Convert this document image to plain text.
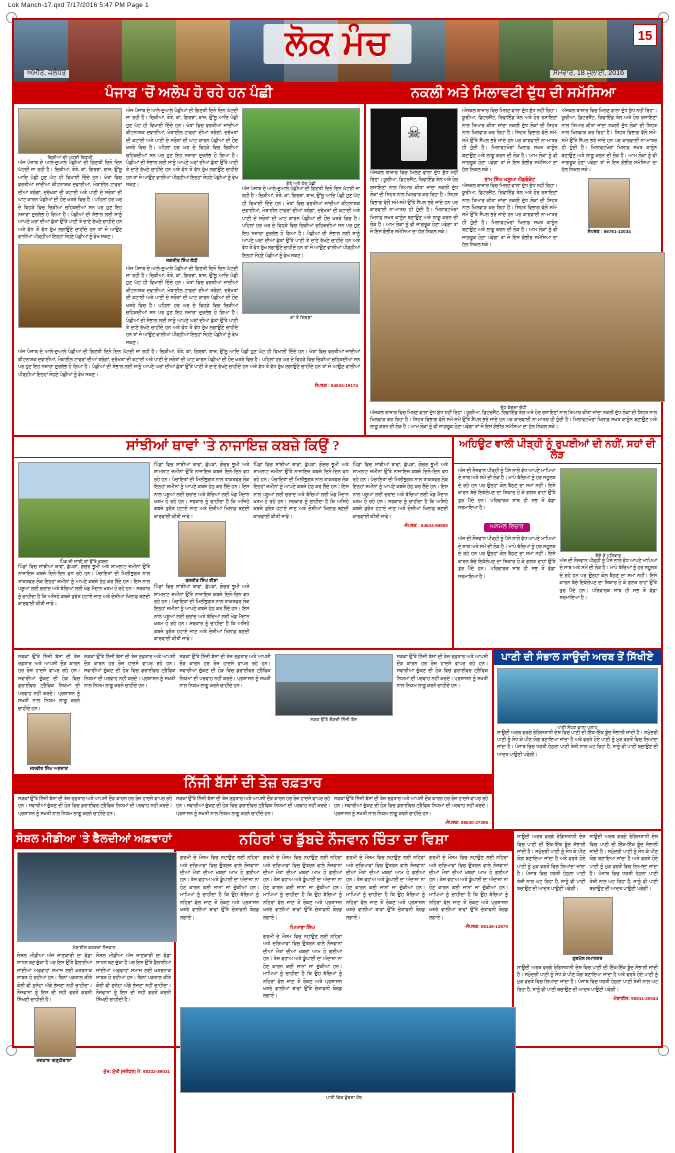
Lok Manch-17.qxd 7/17/2016 5:47 PM Page 1
ਲੋਕ ਮੰਚ
ਅਮੀਰ, ਜਲੰਧਰ	ਸੋਮਵਾਰ, 18 ਜੁਲਾਈ, 2016
15
ਪੰਜਾਬ 'ਚੋਂ ਅਲੋਪ ਹੋ ਰਹੇ ਹਨ ਪੰਛੀ
ਚਿੜੀਆਂ ਦੀ ਘਟਦੀ ਗਿਣਤੀ
ਅੱਜ ਪੰਜਾਬ ਦੇ ਆਲੇ-ਦੁਆਲੇ ਪੰਛੀਆਂ ਦੀ ਗਿਣਤੀ ਦਿਨੋ ਦਿਨ ਘੱਟਦੀ ਜਾ ਰਹੀ ਹੈ। ਚਿੜੀਆਂ, ਤੋਤੇ, ਕਾਂ, ਗਿਰਝਾਂ, ਬਾਜ਼, ਉੱਲੂ ਆਦਿ ਪੰਛੀ ਹੁਣ ਘੱਟ ਹੀ ਵਿਖਾਈ ਦਿੰਦੇ ਹਨ। ਖੇਤਾਂ ਵਿਚ ਵਰਤੀਆਂ ਜਾਂਦੀਆਂ ਕੀਟਨਾਸ਼ਕ ਦਵਾਈਆਂ, ਮੋਬਾਈਲ ਟਾਵਰਾਂ ਦੀਆਂ ਤਰੰਗਾਂ, ਦਰੱਖਤਾਂ ਦੀ ਕਟਾਈ ਅਤੇ ਪਾਣੀ ਦੇ ਸਰੋਤਾਂ ਦੀ ਘਾਟ ਕਾਰਨ ਪੰਛੀਆਂ ਦੀ ਹੋਂਦ ਖ਼ਤਰੇ ਵਿਚ ਹੈ। ਪਹਿਲਾਂ ਹਰ ਘਰ ਦੇ ਵਿਹੜੇ ਵਿਚ ਚਿੜੀਆਂ ਚਹਿਕਦੀਆਂ ਸਨ ਪਰ ਹੁਣ ਇਹ ਨਜ਼ਾਰਾ ਦੁਰਲੱਭ ਹੋ ਗਿਆ ਹੈ। ਪੰਛੀਆਂ ਦੀ ਸੰਭਾਲ ਲਈ ਸਾਨੂੰ ਆਪਣੇ ਘਰਾਂ ਦੀਆਂ ਛੱਤਾਂ ਉੱਤੇ ਪਾਣੀ ਤੇ ਦਾਣੇ ਰੱਖਣੇ ਚਾਹੀਦੇ ਹਨ ਅਤੇ ਵੱਧ ਤੋਂ ਵੱਧ ਰੁੱਖ ਲਗਾਉਣੇ ਚਾਹੀਦੇ ਹਨ ਤਾਂ ਜੋ ਆਉਣ ਵਾਲੀਆਂ ਪੀੜ੍ਹੀਆਂ ਇਨ੍ਹਾਂ ਸੋਹਣੇ ਪੰਛੀਆਂ ਨੂੰ ਵੇਖ ਸਕਣ।
ਅੱਜ ਪੰਜਾਬ ਦੇ ਆਲੇ-ਦੁਆਲੇ ਪੰਛੀਆਂ ਦੀ ਗਿਣਤੀ ਦਿਨੋ ਦਿਨ ਘੱਟਦੀ ਜਾ ਰਹੀ ਹੈ। ਚਿੜੀਆਂ, ਤੋਤੇ, ਕਾਂ, ਗਿਰਝਾਂ, ਬਾਜ਼, ਉੱਲੂ ਆਦਿ ਪੰਛੀ ਹੁਣ ਘੱਟ ਹੀ ਵਿਖਾਈ ਦਿੰਦੇ ਹਨ। ਖੇਤਾਂ ਵਿਚ ਵਰਤੀਆਂ ਜਾਂਦੀਆਂ ਕੀਟਨਾਸ਼ਕ ਦਵਾਈਆਂ, ਮੋਬਾਈਲ ਟਾਵਰਾਂ ਦੀਆਂ ਤਰੰਗਾਂ, ਦਰੱਖਤਾਂ ਦੀ ਕਟਾਈ ਅਤੇ ਪਾਣੀ ਦੇ ਸਰੋਤਾਂ ਦੀ ਘਾਟ ਕਾਰਨ ਪੰਛੀਆਂ ਦੀ ਹੋਂਦ ਖ਼ਤਰੇ ਵਿਚ ਹੈ। ਪਹਿਲਾਂ ਹਰ ਘਰ ਦੇ ਵਿਹੜੇ ਵਿਚ ਚਿੜੀਆਂ ਚਹਿਕਦੀਆਂ ਸਨ ਪਰ ਹੁਣ ਇਹ ਨਜ਼ਾਰਾ ਦੁਰਲੱਭ ਹੋ ਗਿਆ ਹੈ। ਪੰਛੀਆਂ ਦੀ ਸੰਭਾਲ ਲਈ ਸਾਨੂੰ ਆਪਣੇ ਘਰਾਂ ਦੀਆਂ ਛੱਤਾਂ ਉੱਤੇ ਪਾਣੀ ਤੇ ਦਾਣੇ ਰੱਖਣੇ ਚਾਹੀਦੇ ਹਨ ਅਤੇ ਵੱਧ ਤੋਂ ਵੱਧ ਰੁੱਖ ਲਗਾਉਣੇ ਚਾਹੀਦੇ ਹਨ ਤਾਂ ਜੋ ਆਉਣ ਵਾਲੀਆਂ ਪੀੜ੍ਹੀਆਂ ਇਨ੍ਹਾਂ ਸੋਹਣੇ ਪੰਛੀਆਂ ਨੂੰ ਵੇਖ ਸਕਣ।
ਜਗਜੀਤ ਸਿੰਘ ਲੱਧੀ
ਅੱਜ ਪੰਜਾਬ ਦੇ ਆਲੇ-ਦੁਆਲੇ ਪੰਛੀਆਂ ਦੀ ਗਿਣਤੀ ਦਿਨੋ ਦਿਨ ਘੱਟਦੀ ਜਾ ਰਹੀ ਹੈ। ਚਿੜੀਆਂ, ਤੋਤੇ, ਕਾਂ, ਗਿਰਝਾਂ, ਬਾਜ਼, ਉੱਲੂ ਆਦਿ ਪੰਛੀ ਹੁਣ ਘੱਟ ਹੀ ਵਿਖਾਈ ਦਿੰਦੇ ਹਨ। ਖੇਤਾਂ ਵਿਚ ਵਰਤੀਆਂ ਜਾਂਦੀਆਂ ਕੀਟਨਾਸ਼ਕ ਦਵਾਈਆਂ, ਮੋਬਾਈਲ ਟਾਵਰਾਂ ਦੀਆਂ ਤਰੰਗਾਂ, ਦਰੱਖਤਾਂ ਦੀ ਕਟਾਈ ਅਤੇ ਪਾਣੀ ਦੇ ਸਰੋਤਾਂ ਦੀ ਘਾਟ ਕਾਰਨ ਪੰਛੀਆਂ ਦੀ ਹੋਂਦ ਖ਼ਤਰੇ ਵਿਚ ਹੈ। ਪਹਿਲਾਂ ਹਰ ਘਰ ਦੇ ਵਿਹੜੇ ਵਿਚ ਚਿੜੀਆਂ ਚਹਿਕਦੀਆਂ ਸਨ ਪਰ ਹੁਣ ਇਹ ਨਜ਼ਾਰਾ ਦੁਰਲੱਭ ਹੋ ਗਿਆ ਹੈ। ਪੰਛੀਆਂ ਦੀ ਸੰਭਾਲ ਲਈ ਸਾਨੂੰ ਆਪਣੇ ਘਰਾਂ ਦੀਆਂ ਛੱਤਾਂ ਉੱਤੇ ਪਾਣੀ ਤੇ ਦਾਣੇ ਰੱਖਣੇ ਚਾਹੀਦੇ ਹਨ ਅਤੇ ਵੱਧ ਤੋਂ ਵੱਧ ਰੁੱਖ ਲਗਾਉਣੇ ਚਾਹੀਦੇ ਹਨ ਤਾਂ ਜੋ ਆਉਣ ਵਾਲੀਆਂ ਪੀੜ੍ਹੀਆਂ ਇਨ੍ਹਾਂ ਸੋਹਣੇ ਪੰਛੀਆਂ ਨੂੰ ਵੇਖ ਸਕਣ।
ਤੋਤੇ ਅਤੇ ਹੋਰ ਪੰਛੀ
ਅੱਜ ਪੰਜਾਬ ਦੇ ਆਲੇ-ਦੁਆਲੇ ਪੰਛੀਆਂ ਦੀ ਗਿਣਤੀ ਦਿਨੋ ਦਿਨ ਘੱਟਦੀ ਜਾ ਰਹੀ ਹੈ। ਚਿੜੀਆਂ, ਤੋਤੇ, ਕਾਂ, ਗਿਰਝਾਂ, ਬਾਜ਼, ਉੱਲੂ ਆਦਿ ਪੰਛੀ ਹੁਣ ਘੱਟ ਹੀ ਵਿਖਾਈ ਦਿੰਦੇ ਹਨ। ਖੇਤਾਂ ਵਿਚ ਵਰਤੀਆਂ ਜਾਂਦੀਆਂ ਕੀਟਨਾਸ਼ਕ ਦਵਾਈਆਂ, ਮੋਬਾਈਲ ਟਾਵਰਾਂ ਦੀਆਂ ਤਰੰਗਾਂ, ਦਰੱਖਤਾਂ ਦੀ ਕਟਾਈ ਅਤੇ ਪਾਣੀ ਦੇ ਸਰੋਤਾਂ ਦੀ ਘਾਟ ਕਾਰਨ ਪੰਛੀਆਂ ਦੀ ਹੋਂਦ ਖ਼ਤਰੇ ਵਿਚ ਹੈ। ਪਹਿਲਾਂ ਹਰ ਘਰ ਦੇ ਵਿਹੜੇ ਵਿਚ ਚਿੜੀਆਂ ਚਹਿਕਦੀਆਂ ਸਨ ਪਰ ਹੁਣ ਇਹ ਨਜ਼ਾਰਾ ਦੁਰਲੱਭ ਹੋ ਗਿਆ ਹੈ। ਪੰਛੀਆਂ ਦੀ ਸੰਭਾਲ ਲਈ ਸਾਨੂੰ ਆਪਣੇ ਘਰਾਂ ਦੀਆਂ ਛੱਤਾਂ ਉੱਤੇ ਪਾਣੀ ਤੇ ਦਾਣੇ ਰੱਖਣੇ ਚਾਹੀਦੇ ਹਨ ਅਤੇ ਵੱਧ ਤੋਂ ਵੱਧ ਰੁੱਖ ਲਗਾਉਣੇ ਚਾਹੀਦੇ ਹਨ ਤਾਂ ਜੋ ਆਉਣ ਵਾਲੀਆਂ ਪੀੜ੍ਹੀਆਂ ਇਨ੍ਹਾਂ ਸੋਹਣੇ ਪੰਛੀਆਂ ਨੂੰ ਵੇਖ ਸਕਣ।
ਕਾਂ ਤੇ ਗਿਰਝਾਂ
ਅੱਜ ਪੰਜਾਬ ਦੇ ਆਲੇ-ਦੁਆਲੇ ਪੰਛੀਆਂ ਦੀ ਗਿਣਤੀ ਦਿਨੋ ਦਿਨ ਘੱਟਦੀ ਜਾ ਰਹੀ ਹੈ। ਚਿੜੀਆਂ, ਤੋਤੇ, ਕਾਂ, ਗਿਰਝਾਂ, ਬਾਜ਼, ਉੱਲੂ ਆਦਿ ਪੰਛੀ ਹੁਣ ਘੱਟ ਹੀ ਵਿਖਾਈ ਦਿੰਦੇ ਹਨ। ਖੇਤਾਂ ਵਿਚ ਵਰਤੀਆਂ ਜਾਂਦੀਆਂ ਕੀਟਨਾਸ਼ਕ ਦਵਾਈਆਂ, ਮੋਬਾਈਲ ਟਾਵਰਾਂ ਦੀਆਂ ਤਰੰਗਾਂ, ਦਰੱਖਤਾਂ ਦੀ ਕਟਾਈ ਅਤੇ ਪਾਣੀ ਦੇ ਸਰੋਤਾਂ ਦੀ ਘਾਟ ਕਾਰਨ ਪੰਛੀਆਂ ਦੀ ਹੋਂਦ ਖ਼ਤਰੇ ਵਿਚ ਹੈ। ਪਹਿਲਾਂ ਹਰ ਘਰ ਦੇ ਵਿਹੜੇ ਵਿਚ ਚਿੜੀਆਂ ਚਹਿਕਦੀਆਂ ਸਨ ਪਰ ਹੁਣ ਇਹ ਨਜ਼ਾਰਾ ਦੁਰਲੱਭ ਹੋ ਗਿਆ ਹੈ। ਪੰਛੀਆਂ ਦੀ ਸੰਭਾਲ ਲਈ ਸਾਨੂੰ ਆਪਣੇ ਘਰਾਂ ਦੀਆਂ ਛੱਤਾਂ ਉੱਤੇ ਪਾਣੀ ਤੇ ਦਾਣੇ ਰੱਖਣੇ ਚਾਹੀਦੇ ਹਨ ਅਤੇ ਵੱਧ ਤੋਂ ਵੱਧ ਰੁੱਖ ਲਗਾਉਣੇ ਚਾਹੀਦੇ ਹਨ ਤਾਂ ਜੋ ਆਉਣ ਵਾਲੀਆਂ ਪੀੜ੍ਹੀਆਂ ਇਨ੍ਹਾਂ ਸੋਹਣੇ ਪੰਛੀਆਂ ਨੂੰ ਵੇਖ ਸਕਣ।
ਸੰਪਰਕ : 94634-19174
ਨਕਲੀ ਅਤੇ ਮਿਲਾਵਟੀ ਦੁੱਧ ਦੀ ਸਮੱਸਿਆ
☠
ਅੱਜਕਲ ਬਾਜ਼ਾਰ ਵਿਚ ਮਿਲਣ ਵਾਲਾ ਦੁੱਧ ਸ਼ੁੱਧ ਨਹੀਂ ਰਿਹਾ। ਯੂਰੀਆ, ਡਿਟਰਜੈਂਟ, ਰਿਫਾਇੰਡ ਤੇਲ ਅਤੇ ਹੋਰ ਰਸਾਇਣਾਂ ਨਾਲ ਤਿਆਰ ਕੀਤਾ ਜਾਂਦਾ ਨਕਲੀ ਦੁੱਧ ਲੋਕਾਂ ਦੀ ਸਿਹਤ ਨਾਲ ਖਿਲਵਾੜ ਕਰ ਰਿਹਾ ਹੈ। ਸਿਹਤ ਵਿਭਾਗ ਵੱਲੋਂ ਸਮੇਂ-ਸਮੇਂ ਉੱਤੇ ਸੈਂਪਲ ਭਰੇ ਜਾਂਦੇ ਹਨ ਪਰ ਕਾਰਵਾਈ ਨਾ-ਮਾਤਰ ਹੀ ਹੁੰਦੀ ਹੈ। ਮਿਲਾਵਟਖੋਰਾਂ ਖਿਲਾਫ਼ ਸਖ਼ਤ ਕਾਨੂੰਨ ਬਣਾਉਣ ਅਤੇ ਲਾਗੂ ਕਰਨ ਦੀ ਲੋੜ ਹੈ। ਆਮ ਲੋਕਾਂ ਨੂੰ ਵੀ ਜਾਗਰੂਕ ਹੋਣਾ ਪਵੇਗਾ ਤਾਂ ਜੋ ਇਸ ਗੰਭੀਰ ਸਮੱਸਿਆ ਦਾ ਹੱਲ ਨਿਕਲ ਸਕੇ।
ਅੱਜਕਲ ਬਾਜ਼ਾਰ ਵਿਚ ਮਿਲਣ ਵਾਲਾ ਦੁੱਧ ਸ਼ੁੱਧ ਨਹੀਂ ਰਿਹਾ। ਯੂਰੀਆ, ਡਿਟਰਜੈਂਟ, ਰਿਫਾਇੰਡ ਤੇਲ ਅਤੇ ਹੋਰ ਰਸਾਇਣਾਂ ਨਾਲ ਤਿਆਰ ਕੀਤਾ ਜਾਂਦਾ ਨਕਲੀ ਦੁੱਧ ਲੋਕਾਂ ਦੀ ਸਿਹਤ ਨਾਲ ਖਿਲਵਾੜ ਕਰ ਰਿਹਾ ਹੈ। ਸਿਹਤ ਵਿਭਾਗ ਵੱਲੋਂ ਸਮੇਂ-ਸਮੇਂ ਉੱਤੇ ਸੈਂਪਲ ਭਰੇ ਜਾਂਦੇ ਹਨ ਪਰ ਕਾਰਵਾਈ ਨਾ-ਮਾਤਰ ਹੀ ਹੁੰਦੀ ਹੈ। ਮਿਲਾਵਟਖੋਰਾਂ ਖਿਲਾਫ਼ ਸਖ਼ਤ ਕਾਨੂੰਨ ਬਣਾਉਣ ਅਤੇ ਲਾਗੂ ਕਰਨ ਦੀ ਲੋੜ ਹੈ। ਆਮ ਲੋਕਾਂ ਨੂੰ ਵੀ ਜਾਗਰੂਕ ਹੋਣਾ ਪਵੇਗਾ ਤਾਂ ਜੋ ਇਸ ਗੰਭੀਰ ਸਮੱਸਿਆ ਦਾ ਹੱਲ ਨਿਕਲ ਸਕੇ।
ਰਾਮ ਸਿੰਘ ਘਲੂਆ ਐਡਵੋਕੇਟ
ਅੱਜਕਲ ਬਾਜ਼ਾਰ ਵਿਚ ਮਿਲਣ ਵਾਲਾ ਦੁੱਧ ਸ਼ੁੱਧ ਨਹੀਂ ਰਿਹਾ। ਯੂਰੀਆ, ਡਿਟਰਜੈਂਟ, ਰਿਫਾਇੰਡ ਤੇਲ ਅਤੇ ਹੋਰ ਰਸਾਇਣਾਂ ਨਾਲ ਤਿਆਰ ਕੀਤਾ ਜਾਂਦਾ ਨਕਲੀ ਦੁੱਧ ਲੋਕਾਂ ਦੀ ਸਿਹਤ ਨਾਲ ਖਿਲਵਾੜ ਕਰ ਰਿਹਾ ਹੈ। ਸਿਹਤ ਵਿਭਾਗ ਵੱਲੋਂ ਸਮੇਂ-ਸਮੇਂ ਉੱਤੇ ਸੈਂਪਲ ਭਰੇ ਜਾਂਦੇ ਹਨ ਪਰ ਕਾਰਵਾਈ ਨਾ-ਮਾਤਰ ਹੀ ਹੁੰਦੀ ਹੈ। ਮਿਲਾਵਟਖੋਰਾਂ ਖਿਲਾਫ਼ ਸਖ਼ਤ ਕਾਨੂੰਨ ਬਣਾਉਣ ਅਤੇ ਲਾਗੂ ਕਰਨ ਦੀ ਲੋੜ ਹੈ। ਆਮ ਲੋਕਾਂ ਨੂੰ ਵੀ ਜਾਗਰੂਕ ਹੋਣਾ ਪਵੇਗਾ ਤਾਂ ਜੋ ਇਸ ਗੰਭੀਰ ਸਮੱਸਿਆ ਦਾ ਹੱਲ ਨਿਕਲ ਸਕੇ।
ਅੱਜਕਲ ਬਾਜ਼ਾਰ ਵਿਚ ਮਿਲਣ ਵਾਲਾ ਦੁੱਧ ਸ਼ੁੱਧ ਨਹੀਂ ਰਿਹਾ। ਯੂਰੀਆ, ਡਿਟਰਜੈਂਟ, ਰਿਫਾਇੰਡ ਤੇਲ ਅਤੇ ਹੋਰ ਰਸਾਇਣਾਂ ਨਾਲ ਤਿਆਰ ਕੀਤਾ ਜਾਂਦਾ ਨਕਲੀ ਦੁੱਧ ਲੋਕਾਂ ਦੀ ਸਿਹਤ ਨਾਲ ਖਿਲਵਾੜ ਕਰ ਰਿਹਾ ਹੈ। ਸਿਹਤ ਵਿਭਾਗ ਵੱਲੋਂ ਸਮੇਂ-ਸਮੇਂ ਉੱਤੇ ਸੈਂਪਲ ਭਰੇ ਜਾਂਦੇ ਹਨ ਪਰ ਕਾਰਵਾਈ ਨਾ-ਮਾਤਰ ਹੀ ਹੁੰਦੀ ਹੈ। ਮਿਲਾਵਟਖੋਰਾਂ ਖਿਲਾਫ਼ ਸਖ਼ਤ ਕਾਨੂੰਨ ਬਣਾਉਣ ਅਤੇ ਲਾਗੂ ਕਰਨ ਦੀ ਲੋੜ ਹੈ। ਆਮ ਲੋਕਾਂ ਨੂੰ ਵੀ ਜਾਗਰੂਕ ਹੋਣਾ ਪਵੇਗਾ ਤਾਂ ਜੋ ਇਸ ਗੰਭੀਰ ਸਮੱਸਿਆ ਦਾ ਹੱਲ ਨਿਕਲ ਸਕੇ।
ਸੰਪਰਕ : 98761-12034
ਦੁੱਧ ਵੇਚਦਾ ਦੋਧੀ
ਅੱਜਕਲ ਬਾਜ਼ਾਰ ਵਿਚ ਮਿਲਣ ਵਾਲਾ ਦੁੱਧ ਸ਼ੁੱਧ ਨਹੀਂ ਰਿਹਾ। ਯੂਰੀਆ, ਡਿਟਰਜੈਂਟ, ਰਿਫਾਇੰਡ ਤੇਲ ਅਤੇ ਹੋਰ ਰਸਾਇਣਾਂ ਨਾਲ ਤਿਆਰ ਕੀਤਾ ਜਾਂਦਾ ਨਕਲੀ ਦੁੱਧ ਲੋਕਾਂ ਦੀ ਸਿਹਤ ਨਾਲ ਖਿਲਵਾੜ ਕਰ ਰਿਹਾ ਹੈ। ਸਿਹਤ ਵਿਭਾਗ ਵੱਲੋਂ ਸਮੇਂ-ਸਮੇਂ ਉੱਤੇ ਸੈਂਪਲ ਭਰੇ ਜਾਂਦੇ ਹਨ ਪਰ ਕਾਰਵਾਈ ਨਾ-ਮਾਤਰ ਹੀ ਹੁੰਦੀ ਹੈ। ਮਿਲਾਵਟਖੋਰਾਂ ਖਿਲਾਫ਼ ਸਖ਼ਤ ਕਾਨੂੰਨ ਬਣਾਉਣ ਅਤੇ ਲਾਗੂ ਕਰਨ ਦੀ ਲੋੜ ਹੈ। ਆਮ ਲੋਕਾਂ ਨੂੰ ਵੀ ਜਾਗਰੂਕ ਹੋਣਾ ਪਵੇਗਾ ਤਾਂ ਜੋ ਇਸ ਗੰਭੀਰ ਸਮੱਸਿਆ ਦਾ ਹੱਲ ਨਿਕਲ ਸਕੇ।
ਸਾਂਝੀਆਂ ਥਾਵਾਂ 'ਤੇ ਨਾਜਾਇਜ਼ ਕਬਜ਼ੇ ਕਿਉਂ ?
ਪਿੰਡ ਦੀ ਸਾਂਝੀ ਥਾਂ ਉੱਤੇ ਕਬਜ਼ਾ
ਪਿੰਡਾਂ ਵਿਚ ਸਾਂਝੀਆਂ ਥਾਵਾਂ, ਛੱਪੜਾਂ, ਗੋਚਰ ਭੂਮੀ ਅਤੇ ਸ਼ਾਮਲਾਟ ਜ਼ਮੀਨਾਂ ਉੱਤੇ ਨਾਜਾਇਜ਼ ਕਬਜ਼ੇ ਦਿਨੋ-ਦਿਨ ਵਧ ਰਹੇ ਹਨ। ਪੰਚਾਇਤਾਂ ਦੀ ਮਿਲੀਭੁਗਤ ਨਾਲ ਤਾਕਤਵਰ ਲੋਕ ਇਨ੍ਹਾਂ ਜ਼ਮੀਨਾਂ ਨੂੰ ਆਪਣੇ ਕਬਜ਼ੇ ਹੇਠ ਕਰ ਲੈਂਦੇ ਹਨ। ਇਸ ਨਾਲ ਪਸ਼ੂਆਂ ਲਈ ਚਰਾਂਦ ਅਤੇ ਬੱਚਿਆਂ ਲਈ ਖੇਡ ਮੈਦਾਨ ਖ਼ਤਮ ਹੋ ਰਹੇ ਹਨ। ਸਰਕਾਰ ਨੂੰ ਚਾਹੀਦਾ ਹੈ ਕਿ ਅਜਿਹੇ ਕਬਜ਼ੇ ਤੁਰੰਤ ਹਟਾਏ ਜਾਣ ਅਤੇ ਦੋਸ਼ੀਆਂ ਖਿਲਾਫ਼ ਬਣਦੀ ਕਾਰਵਾਈ ਕੀਤੀ ਜਾਵੇ।
ਪਿੰਡਾਂ ਵਿਚ ਸਾਂਝੀਆਂ ਥਾਵਾਂ, ਛੱਪੜਾਂ, ਗੋਚਰ ਭੂਮੀ ਅਤੇ ਸ਼ਾਮਲਾਟ ਜ਼ਮੀਨਾਂ ਉੱਤੇ ਨਾਜਾਇਜ਼ ਕਬਜ਼ੇ ਦਿਨੋ-ਦਿਨ ਵਧ ਰਹੇ ਹਨ। ਪੰਚਾਇਤਾਂ ਦੀ ਮਿਲੀਭੁਗਤ ਨਾਲ ਤਾਕਤਵਰ ਲੋਕ ਇਨ੍ਹਾਂ ਜ਼ਮੀਨਾਂ ਨੂੰ ਆਪਣੇ ਕਬਜ਼ੇ ਹੇਠ ਕਰ ਲੈਂਦੇ ਹਨ। ਇਸ ਨਾਲ ਪਸ਼ੂਆਂ ਲਈ ਚਰਾਂਦ ਅਤੇ ਬੱਚਿਆਂ ਲਈ ਖੇਡ ਮੈਦਾਨ ਖ਼ਤਮ ਹੋ ਰਹੇ ਹਨ। ਸਰਕਾਰ ਨੂੰ ਚਾਹੀਦਾ ਹੈ ਕਿ ਅਜਿਹੇ ਕਬਜ਼ੇ ਤੁਰੰਤ ਹਟਾਏ ਜਾਣ ਅਤੇ ਦੋਸ਼ੀਆਂ ਖਿਲਾਫ਼ ਬਣਦੀ ਕਾਰਵਾਈ ਕੀਤੀ ਜਾਵੇ।
ਬਲਜੀਤ ਸਿੰਘ ਈਸ਼ਾ
ਪਿੰਡਾਂ ਵਿਚ ਸਾਂਝੀਆਂ ਥਾਵਾਂ, ਛੱਪੜਾਂ, ਗੋਚਰ ਭੂਮੀ ਅਤੇ ਸ਼ਾਮਲਾਟ ਜ਼ਮੀਨਾਂ ਉੱਤੇ ਨਾਜਾਇਜ਼ ਕਬਜ਼ੇ ਦਿਨੋ-ਦਿਨ ਵਧ ਰਹੇ ਹਨ। ਪੰਚਾਇਤਾਂ ਦੀ ਮਿਲੀਭੁਗਤ ਨਾਲ ਤਾਕਤਵਰ ਲੋਕ ਇਨ੍ਹਾਂ ਜ਼ਮੀਨਾਂ ਨੂੰ ਆਪਣੇ ਕਬਜ਼ੇ ਹੇਠ ਕਰ ਲੈਂਦੇ ਹਨ। ਇਸ ਨਾਲ ਪਸ਼ੂਆਂ ਲਈ ਚਰਾਂਦ ਅਤੇ ਬੱਚਿਆਂ ਲਈ ਖੇਡ ਮੈਦਾਨ ਖ਼ਤਮ ਹੋ ਰਹੇ ਹਨ। ਸਰਕਾਰ ਨੂੰ ਚਾਹੀਦਾ ਹੈ ਕਿ ਅਜਿਹੇ ਕਬਜ਼ੇ ਤੁਰੰਤ ਹਟਾਏ ਜਾਣ ਅਤੇ ਦੋਸ਼ੀਆਂ ਖਿਲਾਫ਼ ਬਣਦੀ ਕਾਰਵਾਈ ਕੀਤੀ ਜਾਵੇ।
ਪਿੰਡਾਂ ਵਿਚ ਸਾਂਝੀਆਂ ਥਾਵਾਂ, ਛੱਪੜਾਂ, ਗੋਚਰ ਭੂਮੀ ਅਤੇ ਸ਼ਾਮਲਾਟ ਜ਼ਮੀਨਾਂ ਉੱਤੇ ਨਾਜਾਇਜ਼ ਕਬਜ਼ੇ ਦਿਨੋ-ਦਿਨ ਵਧ ਰਹੇ ਹਨ। ਪੰਚਾਇਤਾਂ ਦੀ ਮਿਲੀਭੁਗਤ ਨਾਲ ਤਾਕਤਵਰ ਲੋਕ ਇਨ੍ਹਾਂ ਜ਼ਮੀਨਾਂ ਨੂੰ ਆਪਣੇ ਕਬਜ਼ੇ ਹੇਠ ਕਰ ਲੈਂਦੇ ਹਨ। ਇਸ ਨਾਲ ਪਸ਼ੂਆਂ ਲਈ ਚਰਾਂਦ ਅਤੇ ਬੱਚਿਆਂ ਲਈ ਖੇਡ ਮੈਦਾਨ ਖ਼ਤਮ ਹੋ ਰਹੇ ਹਨ। ਸਰਕਾਰ ਨੂੰ ਚਾਹੀਦਾ ਹੈ ਕਿ ਅਜਿਹੇ ਕਬਜ਼ੇ ਤੁਰੰਤ ਹਟਾਏ ਜਾਣ ਅਤੇ ਦੋਸ਼ੀਆਂ ਖਿਲਾਫ਼ ਬਣਦੀ ਕਾਰਵਾਈ ਕੀਤੀ ਜਾਵੇ।
ਪਿੰਡਾਂ ਵਿਚ ਸਾਂਝੀਆਂ ਥਾਵਾਂ, ਛੱਪੜਾਂ, ਗੋਚਰ ਭੂਮੀ ਅਤੇ ਸ਼ਾਮਲਾਟ ਜ਼ਮੀਨਾਂ ਉੱਤੇ ਨਾਜਾਇਜ਼ ਕਬਜ਼ੇ ਦਿਨੋ-ਦਿਨ ਵਧ ਰਹੇ ਹਨ। ਪੰਚਾਇਤਾਂ ਦੀ ਮਿਲੀਭੁਗਤ ਨਾਲ ਤਾਕਤਵਰ ਲੋਕ ਇਨ੍ਹਾਂ ਜ਼ਮੀਨਾਂ ਨੂੰ ਆਪਣੇ ਕਬਜ਼ੇ ਹੇਠ ਕਰ ਲੈਂਦੇ ਹਨ। ਇਸ ਨਾਲ ਪਸ਼ੂਆਂ ਲਈ ਚਰਾਂਦ ਅਤੇ ਬੱਚਿਆਂ ਲਈ ਖੇਡ ਮੈਦਾਨ ਖ਼ਤਮ ਹੋ ਰਹੇ ਹਨ। ਸਰਕਾਰ ਨੂੰ ਚਾਹੀਦਾ ਹੈ ਕਿ ਅਜਿਹੇ ਕਬਜ਼ੇ ਤੁਰੰਤ ਹਟਾਏ ਜਾਣ ਅਤੇ ਦੋਸ਼ੀਆਂ ਖਿਲਾਫ਼ ਬਣਦੀ ਕਾਰਵਾਈ ਕੀਤੀ ਜਾਵੇ।
-ਸੰਪਰਕ : 94634-69850
ਅਹਿਊਟ ਵਾਲੀ ਪੀੜ੍ਹੀ ਨੂੰ ਰੁਪਈਆਂ ਦੀ ਨਹੀਂ, ਸਹਾਂ ਦੀ ਲੋੜ
ਅੱਜ ਦੀ ਨੌਜਵਾਨ ਪੀੜ੍ਹੀ ਨੂੰ ਪੈਸੇ ਨਾਲੋਂ ਵੱਧ ਆਪਣੇ ਮਾਪਿਆਂ ਦੇ ਸਾਥ ਅਤੇ ਸਮੇਂ ਦੀ ਲੋੜ ਹੈ। ਮਾਪੇ ਬੱਚਿਆਂ ਨੂੰ ਹਰ ਸਹੂਲਤ ਦੇ ਰਹੇ ਹਨ ਪਰ ਉਨ੍ਹਾਂ ਕੋਲ ਬੈਠਣ ਦਾ ਸਮਾਂ ਨਹੀਂ। ਇਸੇ ਕਾਰਨ ਬੱਚੇ ਇਕੱਲੇਪਣ ਦਾ ਸ਼ਿਕਾਰ ਹੋ ਕੇ ਗਲਤ ਰਾਹਾਂ ਉੱਤੇ ਤੁਰ ਪੈਂਦੇ ਹਨ। ਪਰਿਵਾਰਕ ਸਾਂਝ ਹੀ ਸਭ ਤੋਂ ਵੱਡਾ ਸਰਮਾਇਆ ਹੈ।
ਅਨਮੋਲ ਵਿਚਾਰ
ਅੱਜ ਦੀ ਨੌਜਵਾਨ ਪੀੜ੍ਹੀ ਨੂੰ ਪੈਸੇ ਨਾਲੋਂ ਵੱਧ ਆਪਣੇ ਮਾਪਿਆਂ ਦੇ ਸਾਥ ਅਤੇ ਸਮੇਂ ਦੀ ਲੋੜ ਹੈ। ਮਾਪੇ ਬੱਚਿਆਂ ਨੂੰ ਹਰ ਸਹੂਲਤ ਦੇ ਰਹੇ ਹਨ ਪਰ ਉਨ੍ਹਾਂ ਕੋਲ ਬੈਠਣ ਦਾ ਸਮਾਂ ਨਹੀਂ। ਇਸੇ ਕਾਰਨ ਬੱਚੇ ਇਕੱਲੇਪਣ ਦਾ ਸ਼ਿਕਾਰ ਹੋ ਕੇ ਗਲਤ ਰਾਹਾਂ ਉੱਤੇ ਤੁਰ ਪੈਂਦੇ ਹਨ। ਪਰਿਵਾਰਕ ਸਾਂਝ ਹੀ ਸਭ ਤੋਂ ਵੱਡਾ ਸਰਮਾਇਆ ਹੈ।
ਬੱਚੇ ਤੇ ਪਰਿਵਾਰ
ਅੱਜ ਦੀ ਨੌਜਵਾਨ ਪੀੜ੍ਹੀ ਨੂੰ ਪੈਸੇ ਨਾਲੋਂ ਵੱਧ ਆਪਣੇ ਮਾਪਿਆਂ ਦੇ ਸਾਥ ਅਤੇ ਸਮੇਂ ਦੀ ਲੋੜ ਹੈ। ਮਾਪੇ ਬੱਚਿਆਂ ਨੂੰ ਹਰ ਸਹੂਲਤ ਦੇ ਰਹੇ ਹਨ ਪਰ ਉਨ੍ਹਾਂ ਕੋਲ ਬੈਠਣ ਦਾ ਸਮਾਂ ਨਹੀਂ। ਇਸੇ ਕਾਰਨ ਬੱਚੇ ਇਕੱਲੇਪਣ ਦਾ ਸ਼ਿਕਾਰ ਹੋ ਕੇ ਗਲਤ ਰਾਹਾਂ ਉੱਤੇ ਤੁਰ ਪੈਂਦੇ ਹਨ। ਪਰਿਵਾਰਕ ਸਾਂਝ ਹੀ ਸਭ ਤੋਂ ਵੱਡਾ ਸਰਮਾਇਆ ਹੈ।
ਸੜਕਾਂ ਉੱਤੇ ਨਿੱਜੀ ਬੱਸਾਂ ਦੀ ਤੇਜ਼ ਰਫ਼ਤਾਰ ਅਤੇ ਆਪਸੀ ਦੌੜ ਕਾਰਨ ਹਰ ਰੋਜ਼ ਹਾਦਸੇ ਵਾਪਰ ਰਹੇ ਹਨ। ਸਵਾਰੀਆਂ ਚੁੱਕਣ ਦੀ ਹੋੜ ਵਿਚ ਡਰਾਈਵਰ ਟ੍ਰੈਫਿਕ ਨਿਯਮਾਂ ਦੀ ਪਰਵਾਹ ਨਹੀਂ ਕਰਦੇ। ਪ੍ਰਸ਼ਾਸਨ ਨੂੰ ਸਖ਼ਤੀ ਨਾਲ ਨਿਯਮ ਲਾਗੂ ਕਰਨੇ ਚਾਹੀਦੇ ਹਨ।
ਜਸਵੀਰ ਸਿੰਘ ਅਣਜਾਣ
ਸੜਕਾਂ ਉੱਤੇ ਨਿੱਜੀ ਬੱਸਾਂ ਦੀ ਤੇਜ਼ ਰਫ਼ਤਾਰ ਅਤੇ ਆਪਸੀ ਦੌੜ ਕਾਰਨ ਹਰ ਰੋਜ਼ ਹਾਦਸੇ ਵਾਪਰ ਰਹੇ ਹਨ। ਸਵਾਰੀਆਂ ਚੁੱਕਣ ਦੀ ਹੋੜ ਵਿਚ ਡਰਾਈਵਰ ਟ੍ਰੈਫਿਕ ਨਿਯਮਾਂ ਦੀ ਪਰਵਾਹ ਨਹੀਂ ਕਰਦੇ। ਪ੍ਰਸ਼ਾਸਨ ਨੂੰ ਸਖ਼ਤੀ ਨਾਲ ਨਿਯਮ ਲਾਗੂ ਕਰਨੇ ਚਾਹੀਦੇ ਹਨ।
ਸੜਕਾਂ ਉੱਤੇ ਨਿੱਜੀ ਬੱਸਾਂ ਦੀ ਤੇਜ਼ ਰਫ਼ਤਾਰ ਅਤੇ ਆਪਸੀ ਦੌੜ ਕਾਰਨ ਹਰ ਰੋਜ਼ ਹਾਦਸੇ ਵਾਪਰ ਰਹੇ ਹਨ। ਸਵਾਰੀਆਂ ਚੁੱਕਣ ਦੀ ਹੋੜ ਵਿਚ ਡਰਾਈਵਰ ਟ੍ਰੈਫਿਕ ਨਿਯਮਾਂ ਦੀ ਪਰਵਾਹ ਨਹੀਂ ਕਰਦੇ। ਪ੍ਰਸ਼ਾਸਨ ਨੂੰ ਸਖ਼ਤੀ ਨਾਲ ਨਿਯਮ ਲਾਗੂ ਕਰਨੇ ਚਾਹੀਦੇ ਹਨ।
ਸੜਕ ਉੱਤੇ ਦੌੜਦੀ ਨਿੱਜੀ ਬੱਸ
ਸੜਕਾਂ ਉੱਤੇ ਨਿੱਜੀ ਬੱਸਾਂ ਦੀ ਤੇਜ਼ ਰਫ਼ਤਾਰ ਅਤੇ ਆਪਸੀ ਦੌੜ ਕਾਰਨ ਹਰ ਰੋਜ਼ ਹਾਦਸੇ ਵਾਪਰ ਰਹੇ ਹਨ। ਸਵਾਰੀਆਂ ਚੁੱਕਣ ਦੀ ਹੋੜ ਵਿਚ ਡਰਾਈਵਰ ਟ੍ਰੈਫਿਕ ਨਿਯਮਾਂ ਦੀ ਪਰਵਾਹ ਨਹੀਂ ਕਰਦੇ। ਪ੍ਰਸ਼ਾਸਨ ਨੂੰ ਸਖ਼ਤੀ ਨਾਲ ਨਿਯਮ ਲਾਗੂ ਕਰਨੇ ਚਾਹੀਦੇ ਹਨ।
ਨਿੱਜੀ ਬੱਸਾਂ ਦੀ ਤੇਜ਼ ਰਫ਼ਤਾਰ
ਸੜਕਾਂ ਉੱਤੇ ਨਿੱਜੀ ਬੱਸਾਂ ਦੀ ਤੇਜ਼ ਰਫ਼ਤਾਰ ਅਤੇ ਆਪਸੀ ਦੌੜ ਕਾਰਨ ਹਰ ਰੋਜ਼ ਹਾਦਸੇ ਵਾਪਰ ਰਹੇ ਹਨ। ਸਵਾਰੀਆਂ ਚੁੱਕਣ ਦੀ ਹੋੜ ਵਿਚ ਡਰਾਈਵਰ ਟ੍ਰੈਫਿਕ ਨਿਯਮਾਂ ਦੀ ਪਰਵਾਹ ਨਹੀਂ ਕਰਦੇ। ਪ੍ਰਸ਼ਾਸਨ ਨੂੰ ਸਖ਼ਤੀ ਨਾਲ ਨਿਯਮ ਲਾਗੂ ਕਰਨੇ ਚਾਹੀਦੇ ਹਨ।
ਸੜਕਾਂ ਉੱਤੇ ਨਿੱਜੀ ਬੱਸਾਂ ਦੀ ਤੇਜ਼ ਰਫ਼ਤਾਰ ਅਤੇ ਆਪਸੀ ਦੌੜ ਕਾਰਨ ਹਰ ਰੋਜ਼ ਹਾਦਸੇ ਵਾਪਰ ਰਹੇ ਹਨ। ਸਵਾਰੀਆਂ ਚੁੱਕਣ ਦੀ ਹੋੜ ਵਿਚ ਡਰਾਈਵਰ ਟ੍ਰੈਫਿਕ ਨਿਯਮਾਂ ਦੀ ਪਰਵਾਹ ਨਹੀਂ ਕਰਦੇ। ਪ੍ਰਸ਼ਾਸਨ ਨੂੰ ਸਖ਼ਤੀ ਨਾਲ ਨਿਯਮ ਲਾਗੂ ਕਰਨੇ ਚਾਹੀਦੇ ਹਨ।
ਸੜਕਾਂ ਉੱਤੇ ਨਿੱਜੀ ਬੱਸਾਂ ਦੀ ਤੇਜ਼ ਰਫ਼ਤਾਰ ਅਤੇ ਆਪਸੀ ਦੌੜ ਕਾਰਨ ਹਰ ਰੋਜ਼ ਹਾਦਸੇ ਵਾਪਰ ਰਹੇ ਹਨ। ਸਵਾਰੀਆਂ ਚੁੱਕਣ ਦੀ ਹੋੜ ਵਿਚ ਡਰਾਈਵਰ ਟ੍ਰੈਫਿਕ ਨਿਯਮਾਂ ਦੀ ਪਰਵਾਹ ਨਹੀਂ ਕਰਦੇ। ਪ੍ਰਸ਼ਾਸਨ ਨੂੰ ਸਖ਼ਤੀ ਨਾਲ ਨਿਯਮ ਲਾਗੂ ਕਰਨੇ ਚਾਹੀਦੇ ਹਨ।
-ਸੰਪਰਕ: 98630-37396
ਪਾਣੀ ਦੀ ਸੰਭਾਲ ਸਾਊਦੀ ਅਰਬ ਤੋਂ ਸਿੱਖੀਏ
ਪਾਣੀ ਸੋਧਣ ਵਾਲਾ ਪਲਾਂਟ
ਸਾਊਦੀ ਅਰਬ ਵਰਗੇ ਰੇਗਿਸਤਾਨੀ ਦੇਸ਼ ਵਿਚ ਪਾਣੀ ਦੀ ਇੱਕ-ਇੱਕ ਬੂੰਦ ਸੰਭਾਲੀ ਜਾਂਦੀ ਹੈ। ਸਮੁੰਦਰੀ ਪਾਣੀ ਨੂੰ ਸੋਧ ਕੇ ਪੀਣ ਯੋਗ ਬਣਾਇਆ ਜਾਂਦਾ ਹੈ ਅਤੇ ਵਰਤੇ ਹੋਏ ਪਾਣੀ ਨੂੰ ਮੁੜ ਵਰਤੋਂ ਵਿਚ ਲਿਆਂਦਾ ਜਾਂਦਾ ਹੈ। ਪੰਜਾਬ ਵਿਚ ਧਰਤੀ ਹੇਠਲਾ ਪਾਣੀ ਤੇਜ਼ੀ ਨਾਲ ਘਟ ਰਿਹਾ ਹੈ, ਸਾਨੂੰ ਵੀ ਪਾਣੀ ਬਚਾਉਣ ਦੀ ਆਦਤ ਪਾਉਣੀ ਪਵੇਗੀ।
ਸੋਸ਼ਲ ਮੀਡੀਆ 'ਤੇ ਫੈਲਦੀਆਂ ਅਫ਼ਵਾਹਾਂ
ਮੋਬਾਈਲ ਵਰਤਦਾ ਨੌਜਵਾਨ
ਸੋਸ਼ਲ ਮੀਡੀਆ ਅੱਜ ਜਾਣਕਾਰੀ ਦਾ ਵੱਡਾ ਸਾਧਨ ਬਣ ਚੁੱਕਾ ਹੈ ਪਰ ਇਸ ਉੱਤੇ ਫੈਲਾਈਆਂ ਜਾਂਦੀਆਂ ਅਫ਼ਵਾਹਾਂ ਸਮਾਜ ਲਈ ਖ਼ਤਰਨਾਕ ਸਾਬਤ ਹੋ ਰਹੀਆਂ ਹਨ। ਬਿਨਾਂ ਪੜਤਾਲ ਕੀਤੇ ਕੋਈ ਵੀ ਸੁਨੇਹਾ ਅੱਗੇ ਭੇਜਣਾ ਨਹੀਂ ਚਾਹੀਦਾ। ਨੌਜਵਾਨਾਂ ਨੂੰ ਇਸ ਦੀ ਸਹੀ ਵਰਤੋਂ ਕਰਨੀ ਸਿੱਖਣੀ ਚਾਹੀਦੀ ਹੈ।
ਜਗਤਾਰ 'ਗੜ੍ਹੀਵਾਲਾ'
ਸੋਸ਼ਲ ਮੀਡੀਆ ਅੱਜ ਜਾਣਕਾਰੀ ਦਾ ਵੱਡਾ ਸਾਧਨ ਬਣ ਚੁੱਕਾ ਹੈ ਪਰ ਇਸ ਉੱਤੇ ਫੈਲਾਈਆਂ ਜਾਂਦੀਆਂ ਅਫ਼ਵਾਹਾਂ ਸਮਾਜ ਲਈ ਖ਼ਤਰਨਾਕ ਸਾਬਤ ਹੋ ਰਹੀਆਂ ਹਨ। ਬਿਨਾਂ ਪੜਤਾਲ ਕੀਤੇ ਕੋਈ ਵੀ ਸੁਨੇਹਾ ਅੱਗੇ ਭੇਜਣਾ ਨਹੀਂ ਚਾਹੀਦਾ। ਨੌਜਵਾਨਾਂ ਨੂੰ ਇਸ ਦੀ ਸਹੀ ਵਰਤੋਂ ਕਰਨੀ ਸਿੱਖਣੀ ਚਾਹੀਦੀ ਹੈ।
-ਮੁੱਖ: ਮੁੱਖੀ (ਜਲੰਧਰ) ਮੋ: 98332-89031
ਨਹਿਰਾਂ 'ਚ ਡੁੱਬਦੇ ਨੌਜਵਾਨ ਚਿੰਤਾ ਦਾ ਵਿਸ਼ਾ
ਗਰਮੀ ਦੇ ਮੌਸਮ ਵਿਚ ਨਹਾਉਣ ਲਈ ਨਹਿਰਾਂ ਅਤੇ ਦਰਿਆਵਾਂ ਵਿਚ ਉਤਰਨ ਵਾਲੇ ਨੌਜਵਾਨਾਂ ਦੀਆਂ ਮੌਤਾਂ ਦੀਆਂ ਖ਼ਬਰਾਂ ਆਮ ਹੋ ਗਈਆਂ ਹਨ। ਤੇਜ਼ ਵਹਾਅ ਅਤੇ ਡੂੰਘਾਈ ਦਾ ਅੰਦਾਜ਼ਾ ਨਾ ਹੋਣ ਕਾਰਨ ਕਈ ਜਾਨਾਂ ਜਾ ਚੁੱਕੀਆਂ ਹਨ। ਮਾਪਿਆਂ ਨੂੰ ਚਾਹੀਦਾ ਹੈ ਕਿ ਉਹ ਬੱਚਿਆਂ ਨੂੰ ਨਹਿਰਾਂ ਵੱਲ ਜਾਣ ਤੋਂ ਰੋਕਣ ਅਤੇ ਪ੍ਰਸ਼ਾਸਨ ਖ਼ਤਰੇ ਵਾਲੀਆਂ ਥਾਵਾਂ ਉੱਤੇ ਚੇਤਾਵਨੀ ਬੋਰਡ ਲਗਾਏ।
ਗਰਮੀ ਦੇ ਮੌਸਮ ਵਿਚ ਨਹਾਉਣ ਲਈ ਨਹਿਰਾਂ ਅਤੇ ਦਰਿਆਵਾਂ ਵਿਚ ਉਤਰਨ ਵਾਲੇ ਨੌਜਵਾਨਾਂ ਦੀਆਂ ਮੌਤਾਂ ਦੀਆਂ ਖ਼ਬਰਾਂ ਆਮ ਹੋ ਗਈਆਂ ਹਨ। ਤੇਜ਼ ਵਹਾਅ ਅਤੇ ਡੂੰਘਾਈ ਦਾ ਅੰਦਾਜ਼ਾ ਨਾ ਹੋਣ ਕਾਰਨ ਕਈ ਜਾਨਾਂ ਜਾ ਚੁੱਕੀਆਂ ਹਨ। ਮਾਪਿਆਂ ਨੂੰ ਚਾਹੀਦਾ ਹੈ ਕਿ ਉਹ ਬੱਚਿਆਂ ਨੂੰ ਨਹਿਰਾਂ ਵੱਲ ਜਾਣ ਤੋਂ ਰੋਕਣ ਅਤੇ ਪ੍ਰਸ਼ਾਸਨ ਖ਼ਤਰੇ ਵਾਲੀਆਂ ਥਾਵਾਂ ਉੱਤੇ ਚੇਤਾਵਨੀ ਬੋਰਡ ਲਗਾਏ।
ਪਿਆਰਾ ਸਿੰਘ
ਗਰਮੀ ਦੇ ਮੌਸਮ ਵਿਚ ਨਹਾਉਣ ਲਈ ਨਹਿਰਾਂ ਅਤੇ ਦਰਿਆਵਾਂ ਵਿਚ ਉਤਰਨ ਵਾਲੇ ਨੌਜਵਾਨਾਂ ਦੀਆਂ ਮੌਤਾਂ ਦੀਆਂ ਖ਼ਬਰਾਂ ਆਮ ਹੋ ਗਈਆਂ ਹਨ। ਤੇਜ਼ ਵਹਾਅ ਅਤੇ ਡੂੰਘਾਈ ਦਾ ਅੰਦਾਜ਼ਾ ਨਾ ਹੋਣ ਕਾਰਨ ਕਈ ਜਾਨਾਂ ਜਾ ਚੁੱਕੀਆਂ ਹਨ। ਮਾਪਿਆਂ ਨੂੰ ਚਾਹੀਦਾ ਹੈ ਕਿ ਉਹ ਬੱਚਿਆਂ ਨੂੰ ਨਹਿਰਾਂ ਵੱਲ ਜਾਣ ਤੋਂ ਰੋਕਣ ਅਤੇ ਪ੍ਰਸ਼ਾਸਨ ਖ਼ਤਰੇ ਵਾਲੀਆਂ ਥਾਵਾਂ ਉੱਤੇ ਚੇਤਾਵਨੀ ਬੋਰਡ ਲਗਾਏ।
ਗਰਮੀ ਦੇ ਮੌਸਮ ਵਿਚ ਨਹਾਉਣ ਲਈ ਨਹਿਰਾਂ ਅਤੇ ਦਰਿਆਵਾਂ ਵਿਚ ਉਤਰਨ ਵਾਲੇ ਨੌਜਵਾਨਾਂ ਦੀਆਂ ਮੌਤਾਂ ਦੀਆਂ ਖ਼ਬਰਾਂ ਆਮ ਹੋ ਗਈਆਂ ਹਨ। ਤੇਜ਼ ਵਹਾਅ ਅਤੇ ਡੂੰਘਾਈ ਦਾ ਅੰਦਾਜ਼ਾ ਨਾ ਹੋਣ ਕਾਰਨ ਕਈ ਜਾਨਾਂ ਜਾ ਚੁੱਕੀਆਂ ਹਨ। ਮਾਪਿਆਂ ਨੂੰ ਚਾਹੀਦਾ ਹੈ ਕਿ ਉਹ ਬੱਚਿਆਂ ਨੂੰ ਨਹਿਰਾਂ ਵੱਲ ਜਾਣ ਤੋਂ ਰੋਕਣ ਅਤੇ ਪ੍ਰਸ਼ਾਸਨ ਖ਼ਤਰੇ ਵਾਲੀਆਂ ਥਾਵਾਂ ਉੱਤੇ ਚੇਤਾਵਨੀ ਬੋਰਡ ਲਗਾਏ।
ਗਰਮੀ ਦੇ ਮੌਸਮ ਵਿਚ ਨਹਾਉਣ ਲਈ ਨਹਿਰਾਂ ਅਤੇ ਦਰਿਆਵਾਂ ਵਿਚ ਉਤਰਨ ਵਾਲੇ ਨੌਜਵਾਨਾਂ ਦੀਆਂ ਮੌਤਾਂ ਦੀਆਂ ਖ਼ਬਰਾਂ ਆਮ ਹੋ ਗਈਆਂ ਹਨ। ਤੇਜ਼ ਵਹਾਅ ਅਤੇ ਡੂੰਘਾਈ ਦਾ ਅੰਦਾਜ਼ਾ ਨਾ ਹੋਣ ਕਾਰਨ ਕਈ ਜਾਨਾਂ ਜਾ ਚੁੱਕੀਆਂ ਹਨ। ਮਾਪਿਆਂ ਨੂੰ ਚਾਹੀਦਾ ਹੈ ਕਿ ਉਹ ਬੱਚਿਆਂ ਨੂੰ ਨਹਿਰਾਂ ਵੱਲ ਜਾਣ ਤੋਂ ਰੋਕਣ ਅਤੇ ਪ੍ਰਸ਼ਾਸਨ ਖ਼ਤਰੇ ਵਾਲੀਆਂ ਥਾਵਾਂ ਉੱਤੇ ਚੇਤਾਵਨੀ ਬੋਰਡ ਲਗਾਏ।
-ਸੰਪਰਕ: 96149-13670
ਪਾਣੀ ਵਿਚ ਡੁੱਬਦਾ ਹੱਥ
ਸਾਊਦੀ ਅਰਬ ਵਰਗੇ ਰੇਗਿਸਤਾਨੀ ਦੇਸ਼ ਵਿਚ ਪਾਣੀ ਦੀ ਇੱਕ-ਇੱਕ ਬੂੰਦ ਸੰਭਾਲੀ ਜਾਂਦੀ ਹੈ। ਸਮੁੰਦਰੀ ਪਾਣੀ ਨੂੰ ਸੋਧ ਕੇ ਪੀਣ ਯੋਗ ਬਣਾਇਆ ਜਾਂਦਾ ਹੈ ਅਤੇ ਵਰਤੇ ਹੋਏ ਪਾਣੀ ਨੂੰ ਮੁੜ ਵਰਤੋਂ ਵਿਚ ਲਿਆਂਦਾ ਜਾਂਦਾ ਹੈ। ਪੰਜਾਬ ਵਿਚ ਧਰਤੀ ਹੇਠਲਾ ਪਾਣੀ ਤੇਜ਼ੀ ਨਾਲ ਘਟ ਰਿਹਾ ਹੈ, ਸਾਨੂੰ ਵੀ ਪਾਣੀ ਬਚਾਉਣ ਦੀ ਆਦਤ ਪਾਉਣੀ ਪਵੇਗੀ।
ਸਾਊਦੀ ਅਰਬ ਵਰਗੇ ਰੇਗਿਸਤਾਨੀ ਦੇਸ਼ ਵਿਚ ਪਾਣੀ ਦੀ ਇੱਕ-ਇੱਕ ਬੂੰਦ ਸੰਭਾਲੀ ਜਾਂਦੀ ਹੈ। ਸਮੁੰਦਰੀ ਪਾਣੀ ਨੂੰ ਸੋਧ ਕੇ ਪੀਣ ਯੋਗ ਬਣਾਇਆ ਜਾਂਦਾ ਹੈ ਅਤੇ ਵਰਤੇ ਹੋਏ ਪਾਣੀ ਨੂੰ ਮੁੜ ਵਰਤੋਂ ਵਿਚ ਲਿਆਂਦਾ ਜਾਂਦਾ ਹੈ। ਪੰਜਾਬ ਵਿਚ ਧਰਤੀ ਹੇਠਲਾ ਪਾਣੀ ਤੇਜ਼ੀ ਨਾਲ ਘਟ ਰਿਹਾ ਹੈ, ਸਾਨੂੰ ਵੀ ਪਾਣੀ ਬਚਾਉਣ ਦੀ ਆਦਤ ਪਾਉਣੀ ਪਵੇਗੀ।
ਗੁਰਮੇਲ ਸਮਾਲਸਰ
ਸਾਊਦੀ ਅਰਬ ਵਰਗੇ ਰੇਗਿਸਤਾਨੀ ਦੇਸ਼ ਵਿਚ ਪਾਣੀ ਦੀ ਇੱਕ-ਇੱਕ ਬੂੰਦ ਸੰਭਾਲੀ ਜਾਂਦੀ ਹੈ। ਸਮੁੰਦਰੀ ਪਾਣੀ ਨੂੰ ਸੋਧ ਕੇ ਪੀਣ ਯੋਗ ਬਣਾਇਆ ਜਾਂਦਾ ਹੈ ਅਤੇ ਵਰਤੇ ਹੋਏ ਪਾਣੀ ਨੂੰ ਮੁੜ ਵਰਤੋਂ ਵਿਚ ਲਿਆਂਦਾ ਜਾਂਦਾ ਹੈ। ਪੰਜਾਬ ਵਿਚ ਧਰਤੀ ਹੇਠਲਾ ਪਾਣੀ ਤੇਜ਼ੀ ਨਾਲ ਘਟ ਰਿਹਾ ਹੈ, ਸਾਨੂੰ ਵੀ ਪਾਣੀ ਬਚਾਉਣ ਦੀ ਆਦਤ ਪਾਉਣੀ ਪਵੇਗੀ।
-ਮੋਬਾਈਲ: 95911-20044
